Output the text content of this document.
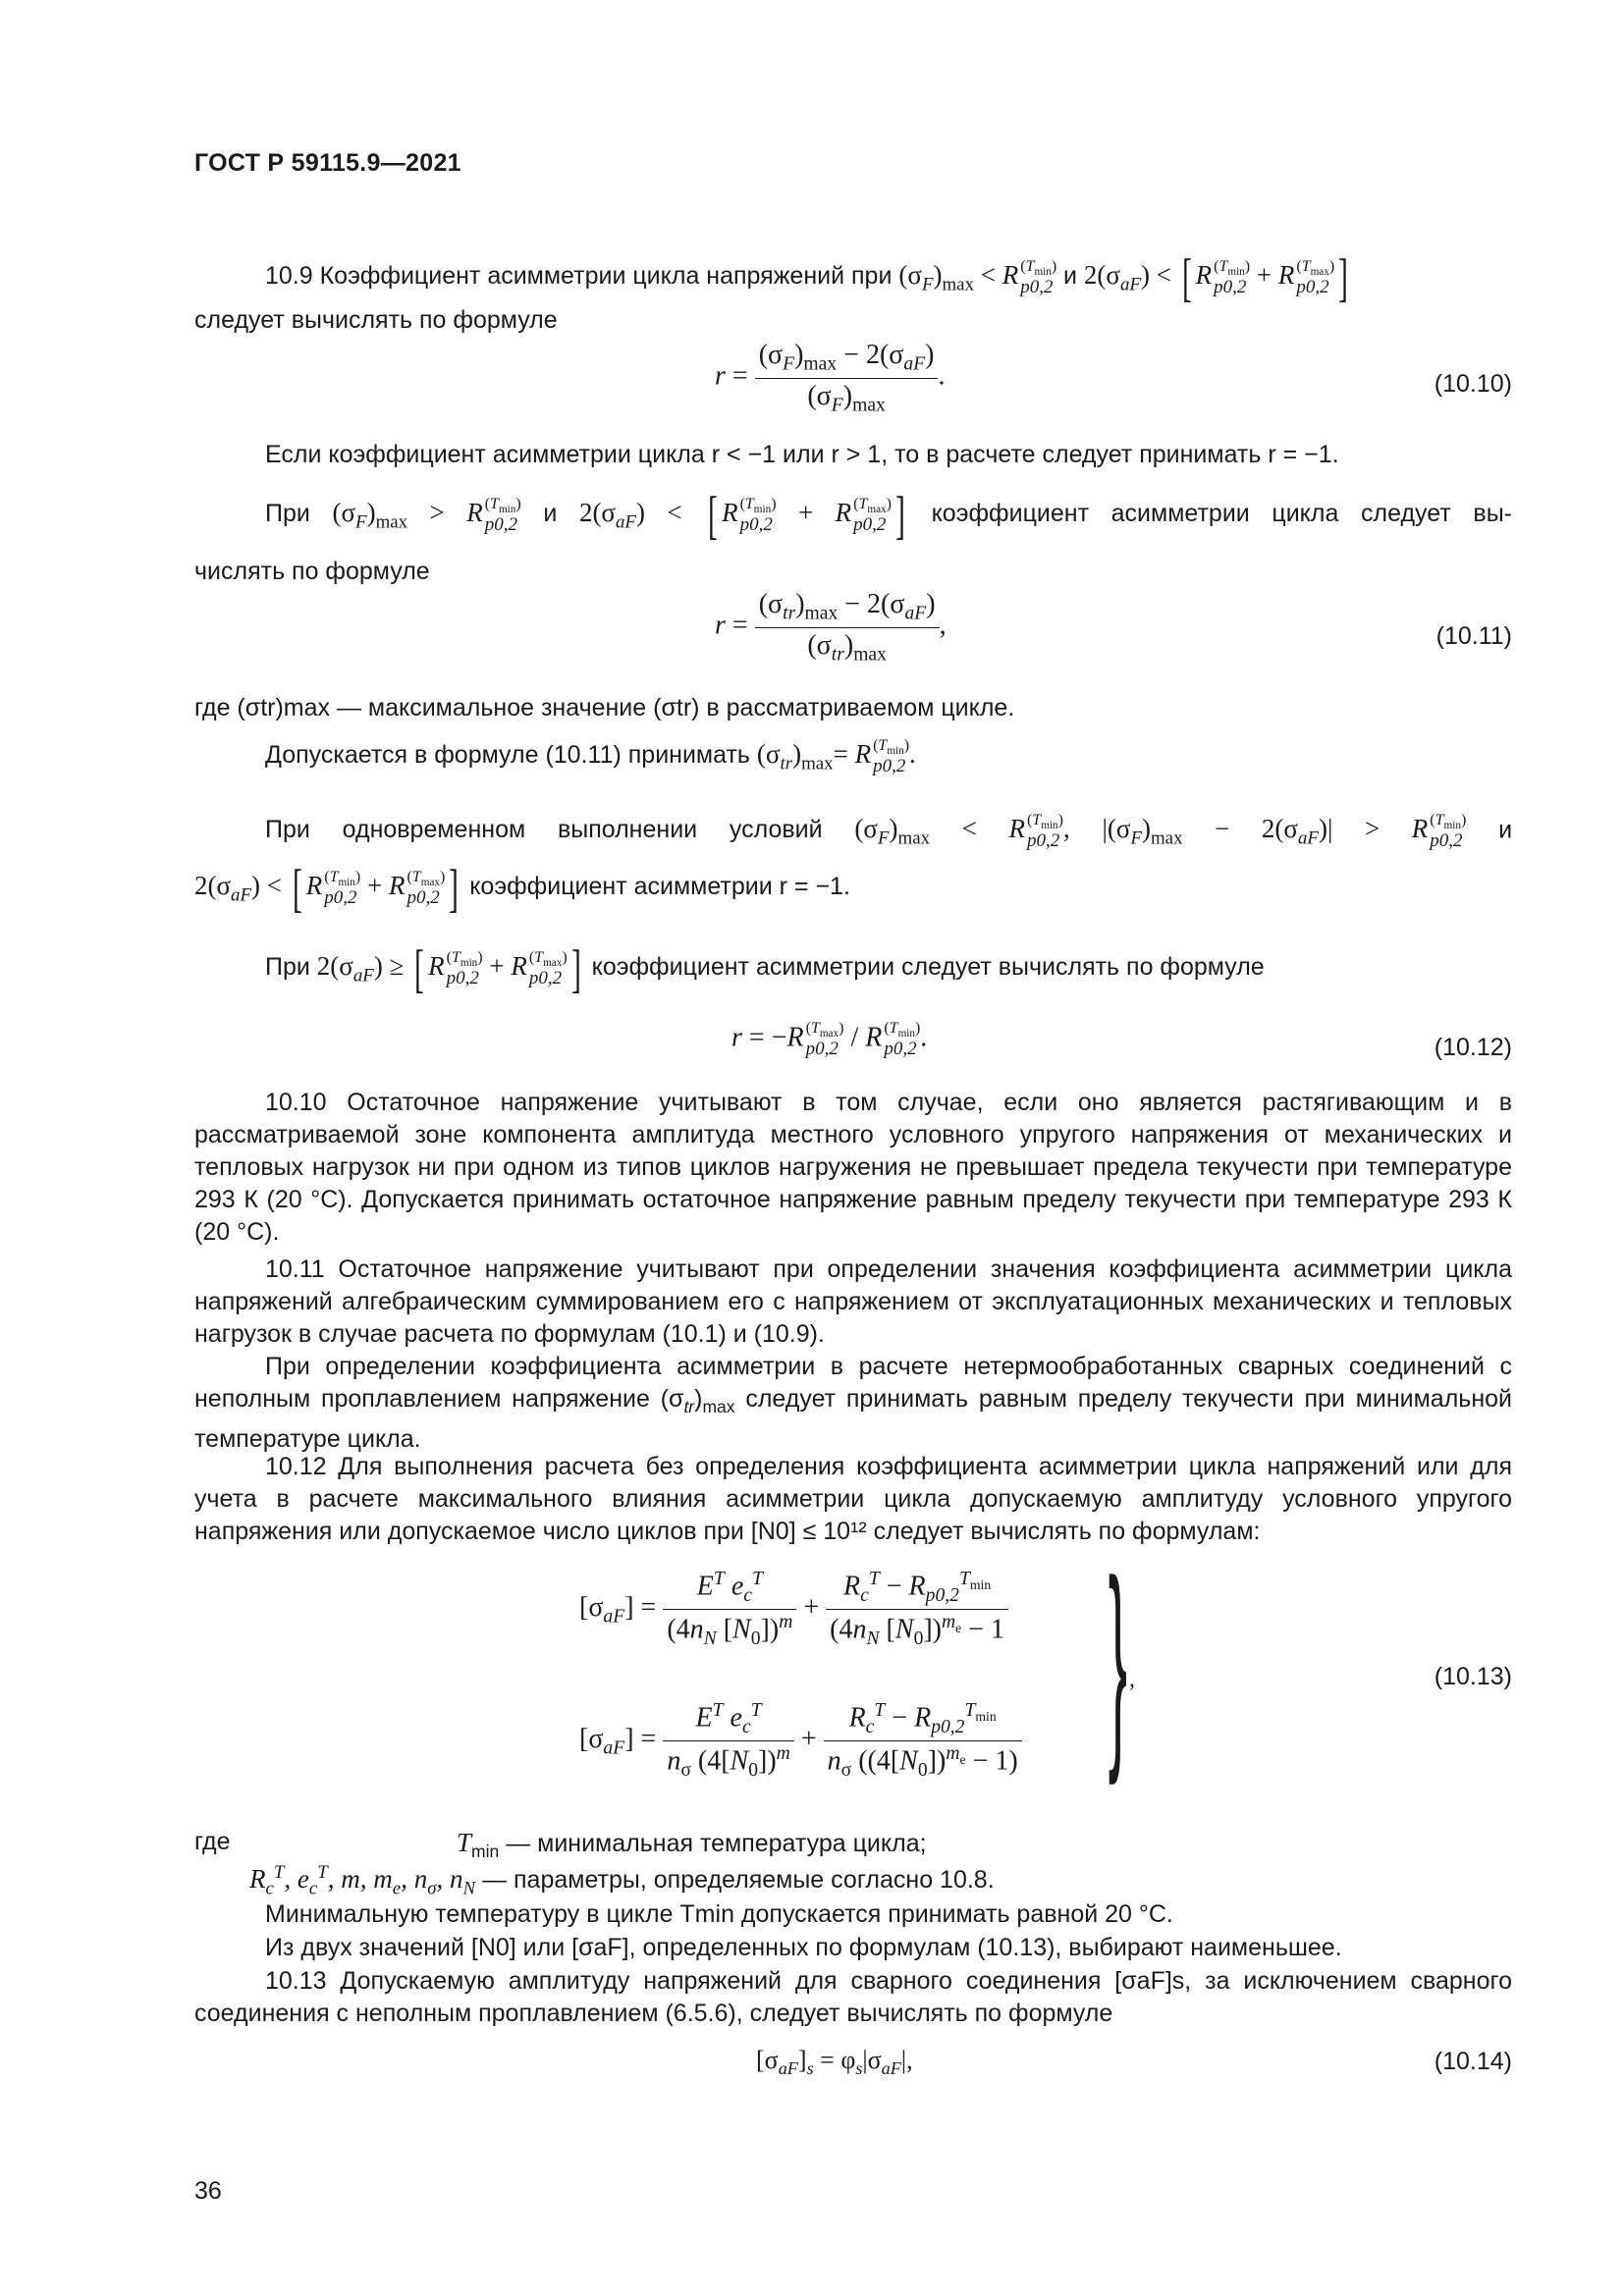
ГОСТ Р 59115.9—2021
10.9 Коэффициент асимметрии цикла напряжений при $(\sigma_F)_{max} < R$ $(T_{min})$
p0,2 и $2(\sigma_{aF})$ < [ R $(T_{min})$
p0,2 + R $(T_{max})$
p0,2 ]
следует вычислять по формуле
$r = \frac{(\sigma_F)_{max} - 2(\sigma_{aF})}{(\sigma_F)_{max}}$ .	(10.10)
Если коэффициент асимметрии цикла r < −1 или r > 1, то в расчете следует принимать r = −1.
При $(\sigma_F)_{max} > R$ $(T_{min})$
p0,2 и $2(\sigma_{aF})$ < [ R $(T_{min})$
p0,2 + R $(T_{max})$
p0,2 ] коэффициент асимметрии цикла следует вы-
числять по формуле
$r = \frac{(\sigma_{tr})_{max} - 2(\sigma_{aF})}{(\sigma_{tr})_{max}}$ ,	(10.11)
где (σtr)max — максимальное значение (σtr) в рассматриваемом цикле.
Допускается в формуле (10.11) принимать $(\sigma_{tr})_{max}= R$ $(T_{min})$
p0,2 .
При одновременном выполнении условий $(\sigma_F)_{max} < R$ $(T_{min})$
p0,2 , $|(\sigma_F)_{max} - 2(\sigma_{aF})| > R$ $(T_{min})$
p0,2 и
$2(\sigma_{aF})$ < [ R $(T_{min})$
p0,2 + R $(T_{max})$
p0,2 ] коэффициент асимметрии r = −1.
При $2(\sigma_{aF})$ ≥ [ R $(T_{min})$
p0,2 + R $(T_{max})$
p0,2 ] коэффициент асимметрии следует вычислять по формуле
r = −R $(T_{max})$
p0,2 / R $(T_{min})$
p0,2 .	(10.12)
10.10 Остаточное напряжение учитывают в том случае, если оно является растягивающим и в рассматриваемой зоне компонента амплитуда местного условного упругого напряжения от механических и тепловых нагрузок ни при одном из типов циклов нагружения не превышает предела текучести при температуре 293 К (20 °С). Допускается принимать остаточное напряжение равным пределу текучести при температуре 293 К (20 °С).
10.11 Остаточное напряжение учитывают при определении значения коэффициента асимметрии цикла напряжений алгебраическим суммированием его с напряжением от эксплуатационных механических и тепловых нагрузок в случае расчета по формулам (10.1) и (10.9).
При определении коэффициента асимметрии в расчете нетермообработанных сварных соединений с неполным проплавлением напряжение $(\sigma_{tr})_{max}$ следует принимать равным пределу текучести при минимальной температуре цикла.
10.12 Для выполнения расчета без определения коэффициента асимметрии цикла напряжений или для учета в расчете максимального влияния асимметрии цикла допускаемую амплитуду условного упругого напряжения или допускаемое число циклов при [N0] ≤ 10¹² следует вычислять по формулам:
$[\sigma_{aF}] = \frac{E^T e_c^T}{(4n_N [N_0])^m} + \frac{R_c^T - R_{p0,2}^{T_{min}}}{(4n_N [N_0])^{m_e} - 1}$
$[\sigma_{aF}] = \frac{E^T e_c^T}{n_\sigma (4[N_0])^m} + \frac{R_c^T - R_{p0,2}^{T_{min}}}{n_\sigma ((4[N_0])^{m_e} - 1)}$ } ,	(10.13)
где	$T_{min}$ — минимальная температура цикла;
$R_c^T$, $e_c^T$, m, $m_e$, $n_\sigma$, $n_N$ — параметры, определяемые согласно 10.8.
Минимальную температуру в цикле Tmin допускается принимать равной 20 °С.
Из двух значений [N0] или [σaF], определенных по формулам (10.13), выбирают наименьшее.
10.13 Допускаемую амплитуду напряжений для сварного соединения [σaF]s, за исключением сварного соединения с неполным проплавлением (6.5.6), следует вычислять по формуле
$[\sigma_{aF}]_s = \varphi_s|\sigma_{aF}|$,	(10.14)
36
